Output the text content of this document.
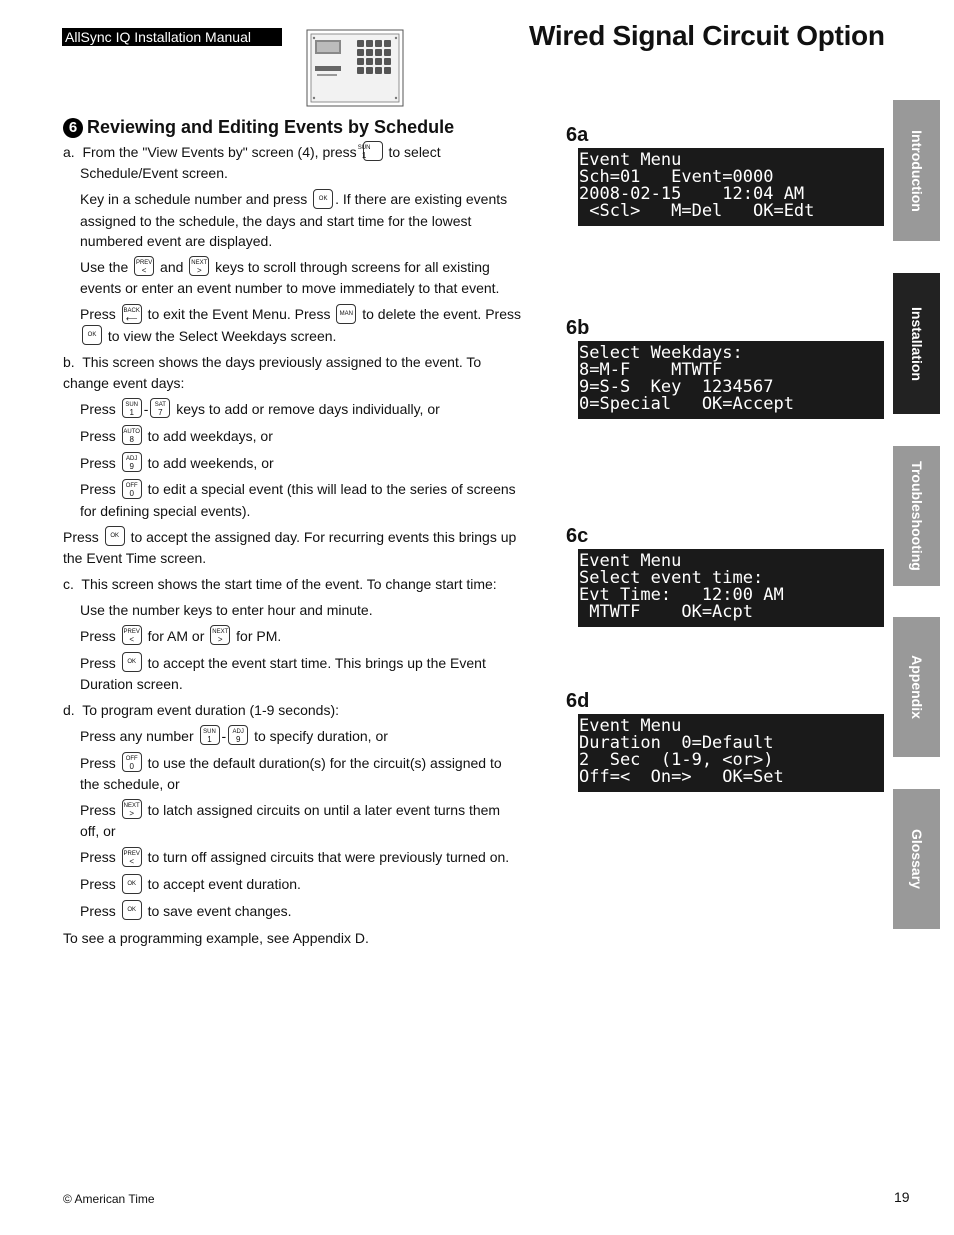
AllSync IQ Installation Manual	Wired Signal Circuit Option
6 Reviewing and Editing Events by Schedule

a.  From the "View Events by" screen (4), press SUN
1	to select Schedule/Event screen.

Key in a schedule number and press	OK . If there are existing events assigned to the schedule, the days and start time for the lowest numbered event are displayed.

Use the PREV
< and NEXT
> keys to scroll through screens for all existing events or enter an event number to move immediately to that event.

Press BACK
⟵ to exit the Event Menu. Press	MAN to delete the event. Press
OK to view the Select Weekdays screen.

b.  This screen shows the days previously assigned to the event. To change event days:

Press	SUN
1 -	SAT
7 keys to add or remove days individually, or

Press AUTO
8 to add weekdays, or

Press	ADJ
9 to add weekends, or

Press	OFF
0 to edit a special event (this will lead to the series of screens for defining special events).

Press	OK to accept the assigned day. For recurring events this brings up the Event Time screen.

c.  This screen shows the start time of the event. To change start time:

Use the number keys to enter hour and minute.

Press PREV
< for AM or NEXT
> for PM.

Press	OK to accept the event start time. This brings up the Event Duration screen.

d.  To program event duration (1-9 seconds):

Press any number	SUN
1 -	ADJ
9 to specify duration, or

Press	OFF
0 to use the default duration(s) for the circuit(s) assigned to the schedule, or

Press NEXT
> to latch assigned circuits on until a later event turns them off, or

Press PREV
< to turn off assigned circuits that were previously turned on.

Press	OK to accept event duration.

Press	OK to save event changes.

To see a programming example, see Appendix D.

6a
Event Menu
Sch=01   Event=0000
2008-02-15    12:04 AM
<Scl>   M=Del   OK=Edt
6b
Select Weekdays:
8=M-F    MTWTF
9=S-S  Key  1234567
0=Special   OK=Accept
6c
Event Menu
Select event time:
Evt Time:   12:00 AM
MTWTF    OK=Acpt
6d
Event Menu
Duration  0=Default
2  Sec  (1-9, <or>)
Off=<  On=>   OK=Set
Introduction
Installation
Troubleshooting
Appendix
Glossary
© American Time	19
